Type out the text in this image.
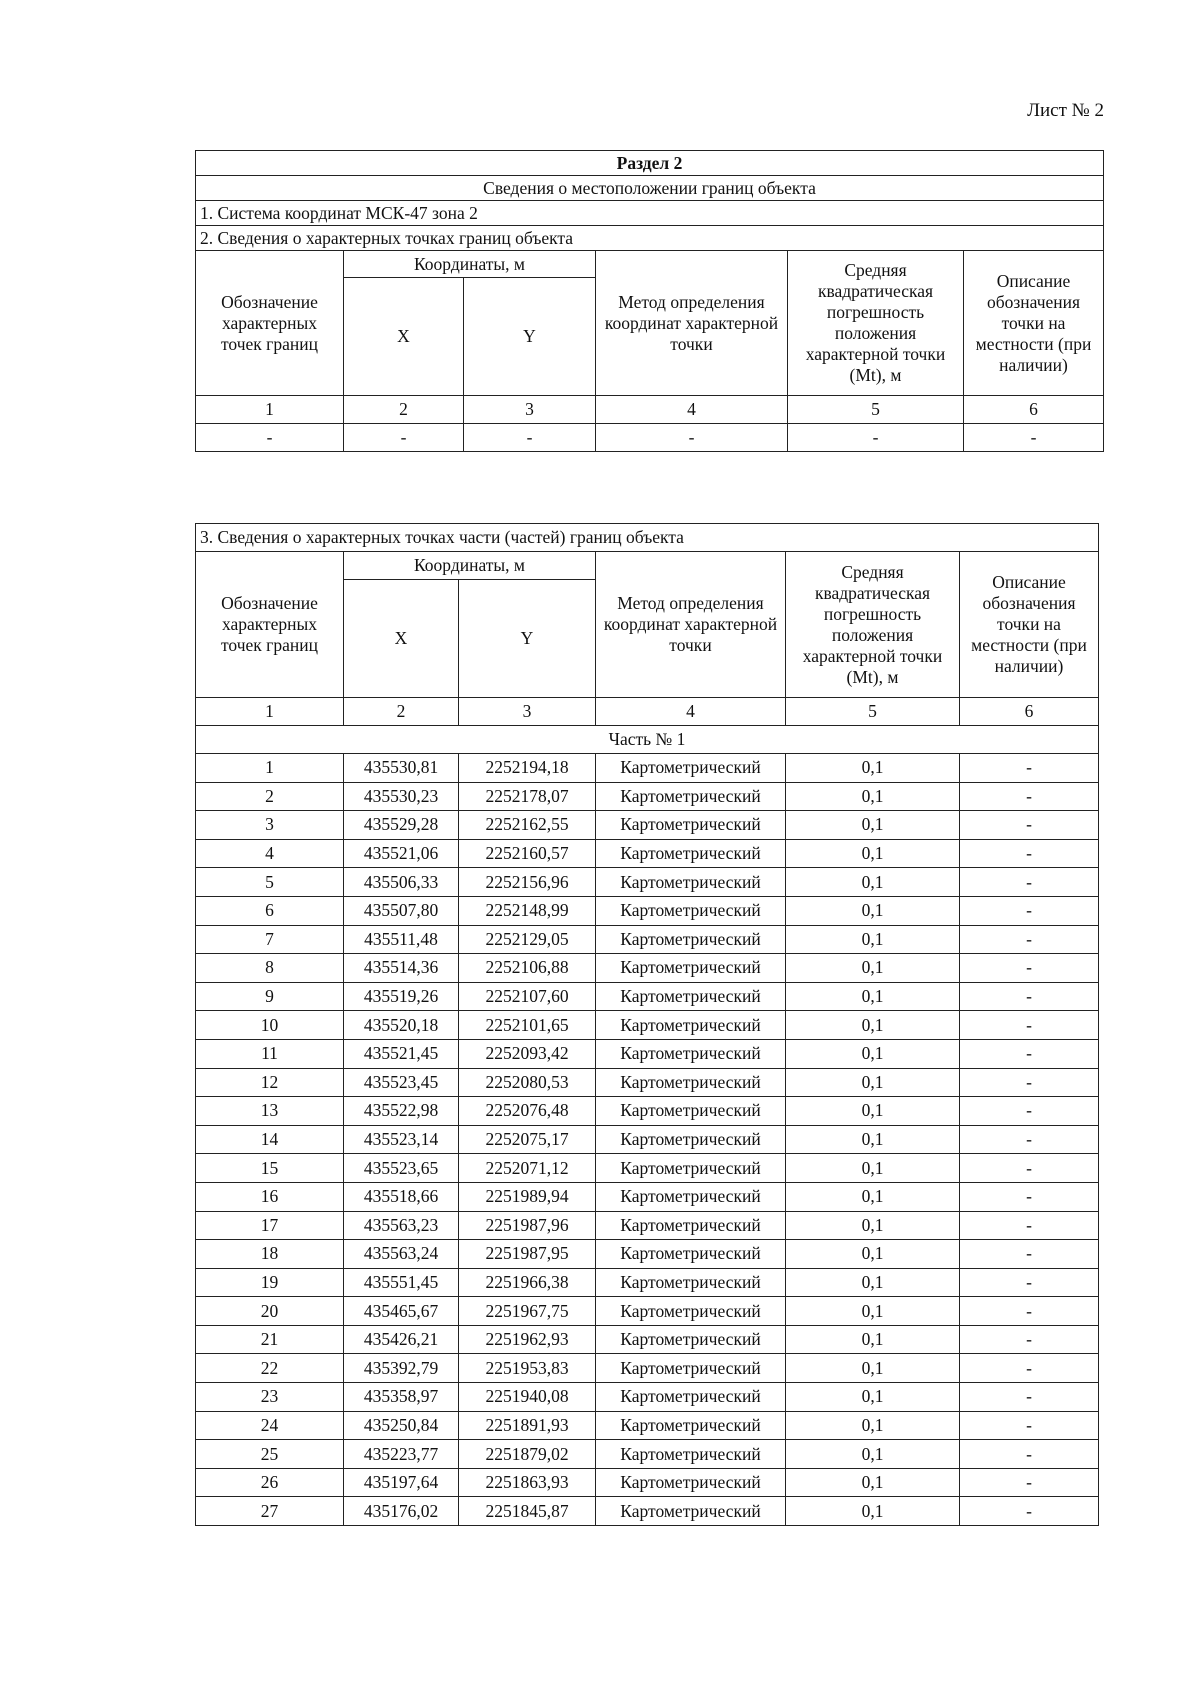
Лист № 2
Раздел 2					
Сведения о местоположении границ объекта					
1. Система координат МСК-47 зона 2					
2. Сведения о характерных точках границ объекта					
Обозначение характерных точек границ	Координаты, м		Метод определения координат характерной точки	Средняя квадратическая погрешность положения характерной точки (Mt), м	Описание обозначения точки на местности (при наличии)
	X	Y			
1	2	3	4	5	6
-	-	-	-	-	-
3. Сведения о характерных точках части (частей) границ объекта					
Обозначение характерных точек границ	Координаты, м		Метод определения координат характерной точки	Средняя квадратическая погрешность положения характерной точки (Mt), м	Описание обозначения точки на местности (при наличии)
	X	Y			
1	2	3	4	5	6
Часть № 1					
1	435530,81	2252194,18	Картометрический	0,1	-
2	435530,23	2252178,07	Картометрический	0,1	-
3	435529,28	2252162,55	Картометрический	0,1	-
4	435521,06	2252160,57	Картометрический	0,1	-
5	435506,33	2252156,96	Картометрический	0,1	-
6	435507,80	2252148,99	Картометрический	0,1	-
7	435511,48	2252129,05	Картометрический	0,1	-
8	435514,36	2252106,88	Картометрический	0,1	-
9	435519,26	2252107,60	Картометрический	0,1	-
10	435520,18	2252101,65	Картометрический	0,1	-
11	435521,45	2252093,42	Картометрический	0,1	-
12	435523,45	2252080,53	Картометрический	0,1	-
13	435522,98	2252076,48	Картометрический	0,1	-
14	435523,14	2252075,17	Картометрический	0,1	-
15	435523,65	2252071,12	Картометрический	0,1	-
16	435518,66	2251989,94	Картометрический	0,1	-
17	435563,23	2251987,96	Картометрический	0,1	-
18	435563,24	2251987,95	Картометрический	0,1	-
19	435551,45	2251966,38	Картометрический	0,1	-
20	435465,67	2251967,75	Картометрический	0,1	-
21	435426,21	2251962,93	Картометрический	0,1	-
22	435392,79	2251953,83	Картометрический	0,1	-
23	435358,97	2251940,08	Картометрический	0,1	-
24	435250,84	2251891,93	Картометрический	0,1	-
25	435223,77	2251879,02	Картометрический	0,1	-
26	435197,64	2251863,93	Картометрический	0,1	-
27	435176,02	2251845,87	Картометрический	0,1	-
